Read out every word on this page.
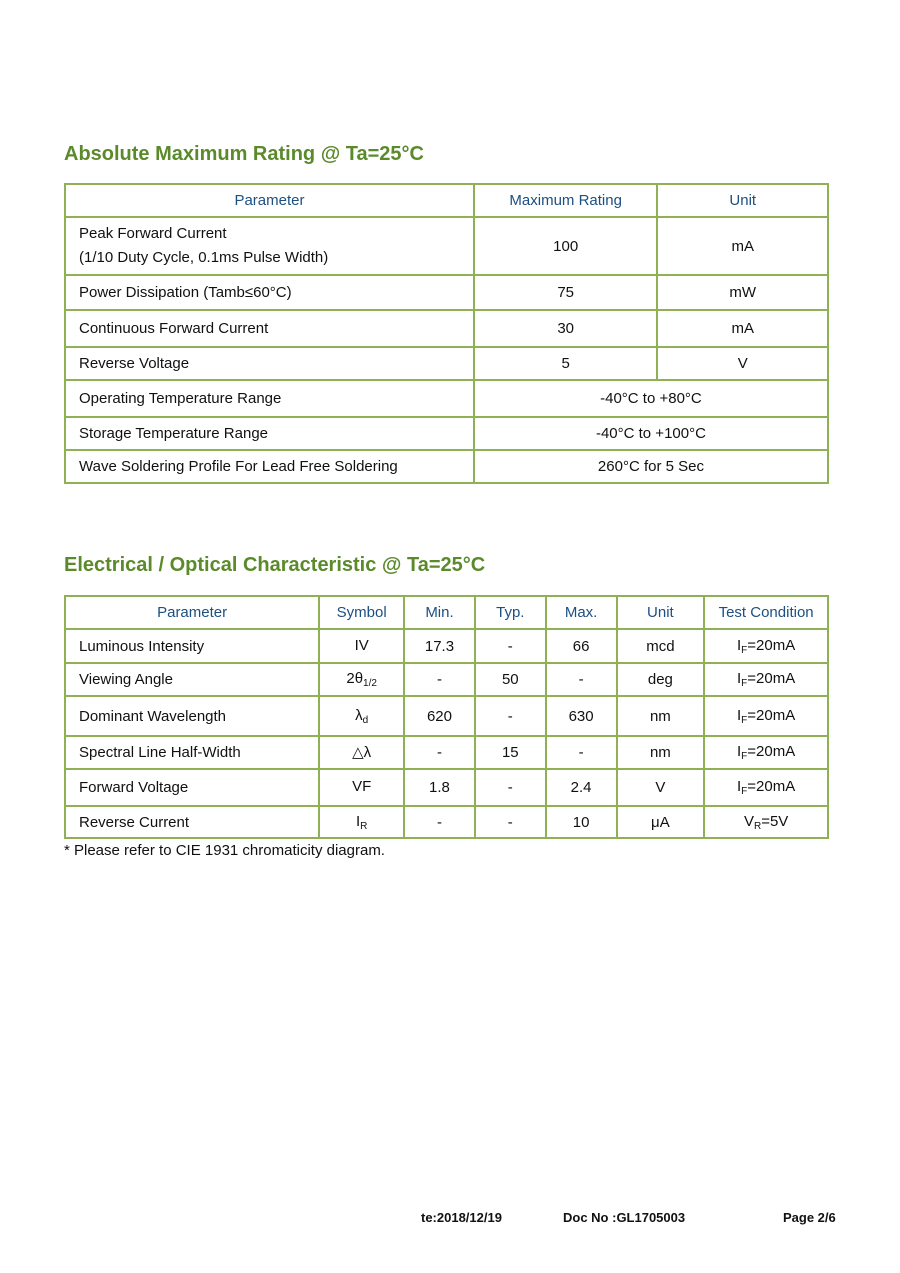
Absolute Maximum Rating @ Ta=25°C
Parameter	Maximum Rating	Unit

Peak Forward Current
(1/10 Duty Cycle, 0.1ms Pulse Width)	100	mA
Power Dissipation (Tamb≤60°C)	75	mW
Continuous Forward Current	30	mA
Reverse Voltage	5	V
Operating Temperature Range	-40°C to +80°C	
Storage Temperature Range	-40°C to +100°C	
Wave Soldering Profile For Lead Free Soldering	260°C for 5 Sec	
Electrical / Optical Characteristic @ Ta=25°C
Parameter	Symbol	Min.	Typ.	Max.	Unit	Test Condition
Luminous Intensity	IV	17.3	-	66	mcd	$I_F=20mA$
Viewing Angle	$2\theta_{1/2}$	-	50	-	deg	$I_F=20mA$
Dominant Wavelength	$\lambda_d$	620	-	630	nm	$I_F=20mA$
Spectral Line Half-Width	△λ	-	15	-	nm	$I_F=20mA$
Forward Voltage	VF	1.8	-	2.4	V	$I_F=20mA$
Reverse Current	$I_R$	-	-	10	μA	$V_R=5V$

* Please refer to CIE 1931 chromaticity diagram.

te:2018/12/19	Doc No :GL1705003	Page 2/6
